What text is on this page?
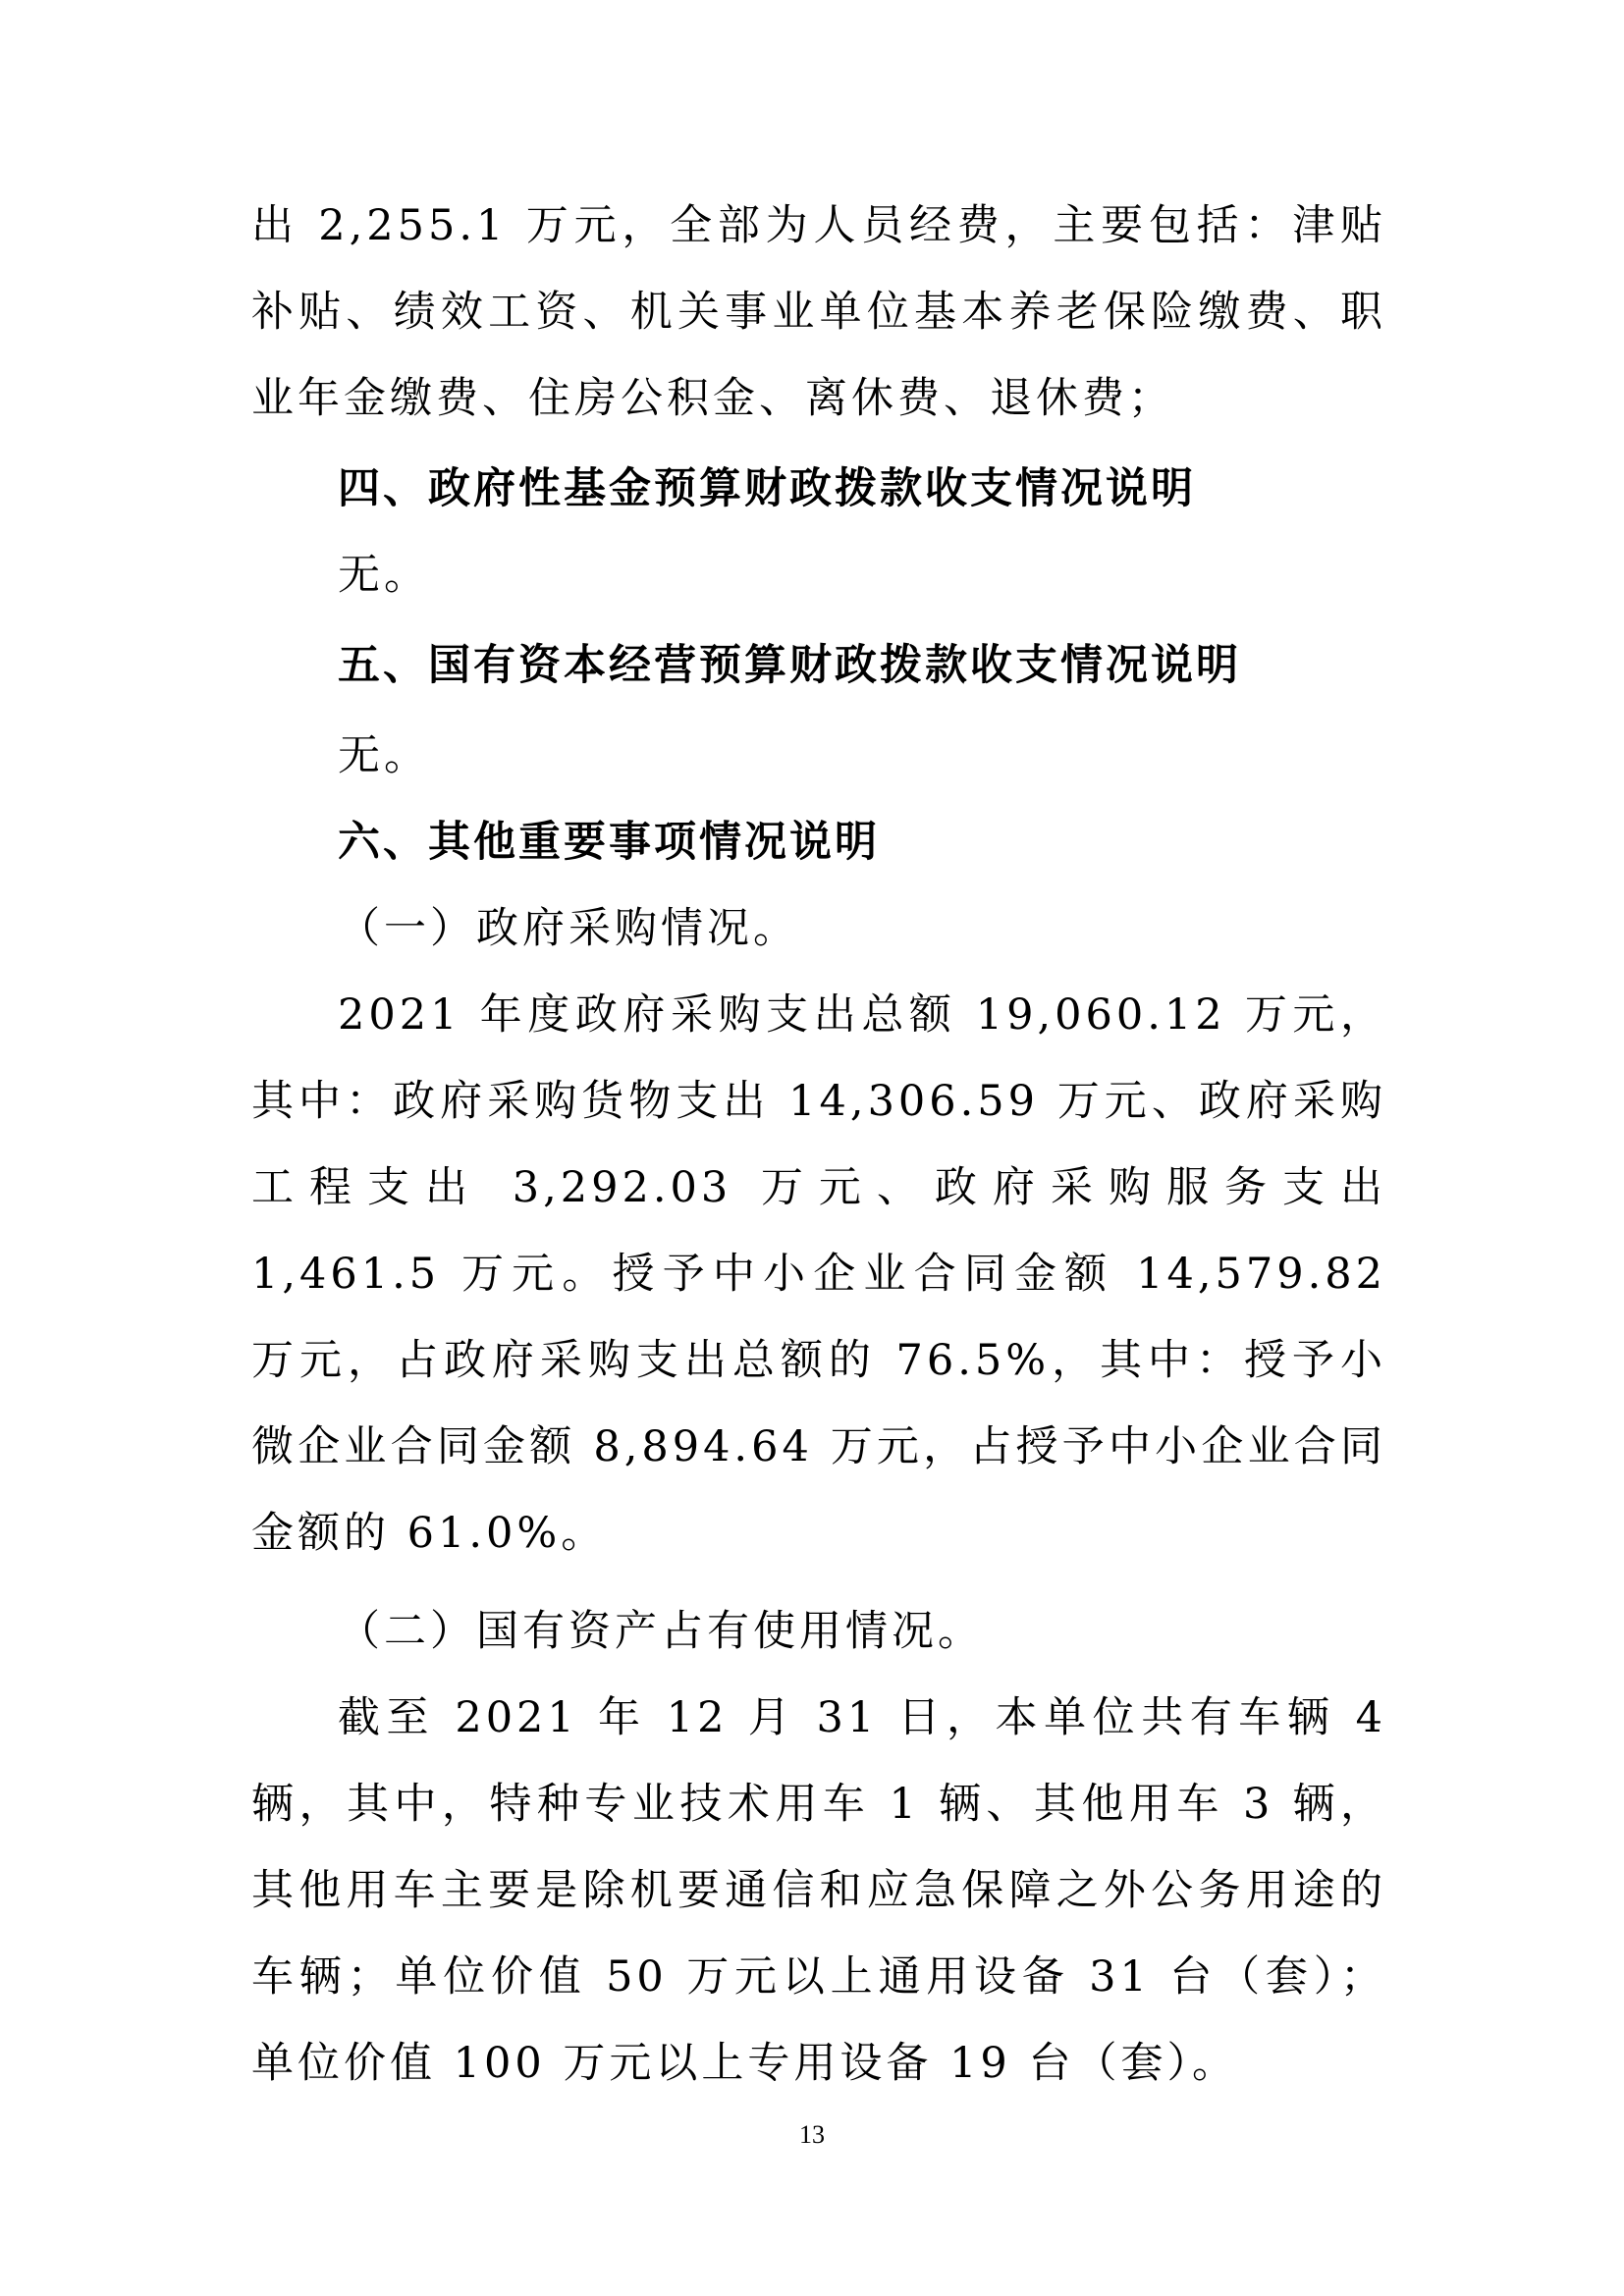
出 2,255.1 万元，全部为人员经费，主要包括：津贴补贴、绩效工资、机关事业单位基本养老保险缴费、职业年金缴费、住房公积金、离休费、退休费；

四、政府性基金预算财政拨款收支情况说明

无。

五、国有资本经营预算财政拨款收支情况说明

无。

六、其他重要事项情况说明

（一）政府采购情况。

2021 年度政府采购支出总额 19,060.12 万元，其中：政府采购货物支出 14,306.59 万元、政府采购工程支出 3,292.03 万元、政府采购服务支出 1,461.5 万元。授予中小企业合同金额 14,579.82 万元，占政府采购支出总额的 76.5%，其中：授予小微企业合同金额 8,894.64 万元，占授予中小企业合同金额的 61.0%。

（二）国有资产占有使用情况。

截至 2021 年 12 月 31 日，本单位共有车辆 4 辆，其中，特种专业技术用车 1 辆、其他用车 3 辆，其他用车主要是除机要通信和应急保障之外公务用途的车辆；单位价值 50 万元以上通用设备 31 台（套）；单位价值 100 万元以上专用设备 19 台（套）。

13
